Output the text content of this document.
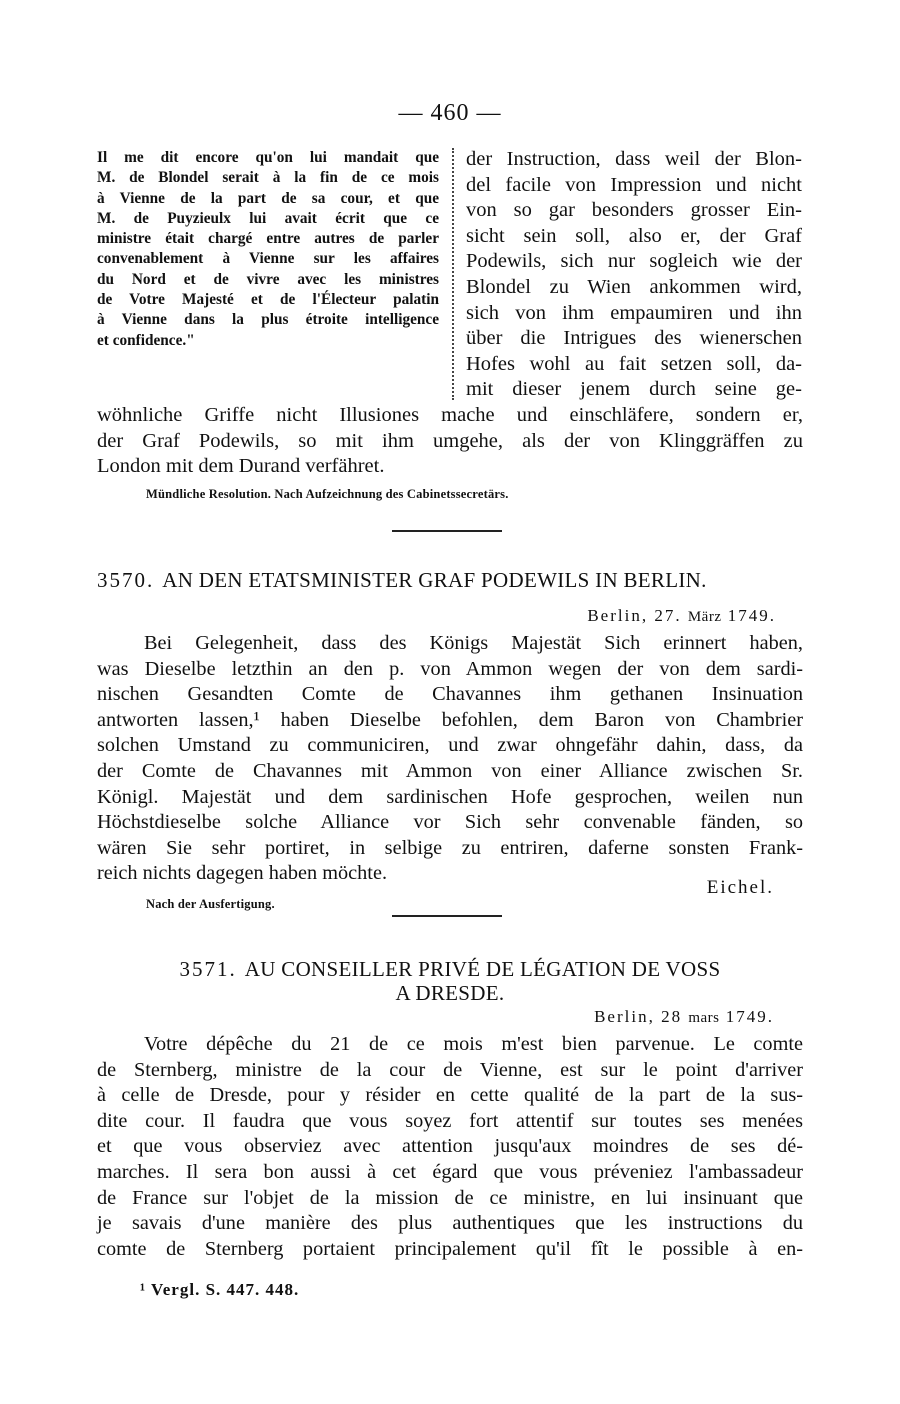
— 460 —
Il me dit encore qu'on lui mandait que
M. de Blondel serait à la fin de ce mois
à Vienne de la part de sa cour, et que
M. de Puyzieulx lui avait écrit que ce
ministre était chargé entre autres de parler
convenablement à Vienne sur les affaires
du Nord et de vivre avec les ministres
de Votre Majesté et de l'Électeur palatin
à Vienne dans la plus étroite intelligence
et confidence."
der Instruction, dass weil der Blon-
del facile von Impression und nicht
von so gar besonders grosser Ein-
sicht sein soll, also er, der Graf
Podewils, sich nur sogleich wie der
Blondel zu Wien ankommen wird,
sich von ihm empaumiren und ihn
über die Intrigues des wienerschen
Hofes wohl au fait setzen soll, da-
mit dieser jenem durch seine ge-
wöhnliche Griffe nicht Illusiones mache und einschläfere, sondern er,
der Graf Podewils, so mit ihm umgehe, als der von Klinggräffen zu
London mit dem Durand verfähret.
Mündliche Resolution. Nach Aufzeichnung des Cabinetssecretärs.
3570. AN DEN ETATSMINISTER GRAF PODEWILS IN BERLIN.
Berlin, 27. März 1749.
Bei Gelegenheit, dass des Königs Majestät Sich erinnert haben,
was Dieselbe letzthin an den p. von Ammon wegen der von dem sardi-
nischen Gesandten Comte de Chavannes ihm gethanen Insinuation
antworten lassen,¹ haben Dieselbe befohlen, dem Baron von Chambrier
solchen Umstand zu communiciren, und zwar ohngefähr dahin, dass, da
der Comte de Chavannes mit Ammon von einer Alliance zwischen Sr.
Königl. Majestät und dem sardinischen Hofe gesprochen, weilen nun
Höchstdieselbe solche Alliance vor Sich sehr convenable fänden, so
wären Sie sehr portiret, in selbige zu entriren, daferne sonsten Frank-
reich nichts dagegen haben möchte.
Eichel.
Nach der Ausfertigung.
3571. AU CONSEILLER PRIVÉ DE LÉGATION DE VOSS
A DRESDE.
Berlin, 28 mars 1749.
Votre dépêche du 21 de ce mois m'est bien parvenue. Le comte
de Sternberg, ministre de la cour de Vienne, est sur le point d'arriver
à celle de Dresde, pour y résider en cette qualité de la part de la sus-
dite cour. Il faudra que vous soyez fort attentif sur toutes ses menées
et que vous observiez avec attention jusqu'aux moindres de ses dé-
marches. Il sera bon aussi à cet égard que vous préveniez l'ambassadeur
de France sur l'objet de la mission de ce ministre, en lui insinuant que
je savais d'une manière des plus authentiques que les instructions du
comte de Sternberg portaient principalement qu'il fît le possible à en-
¹ Vergl. S. 447. 448.
